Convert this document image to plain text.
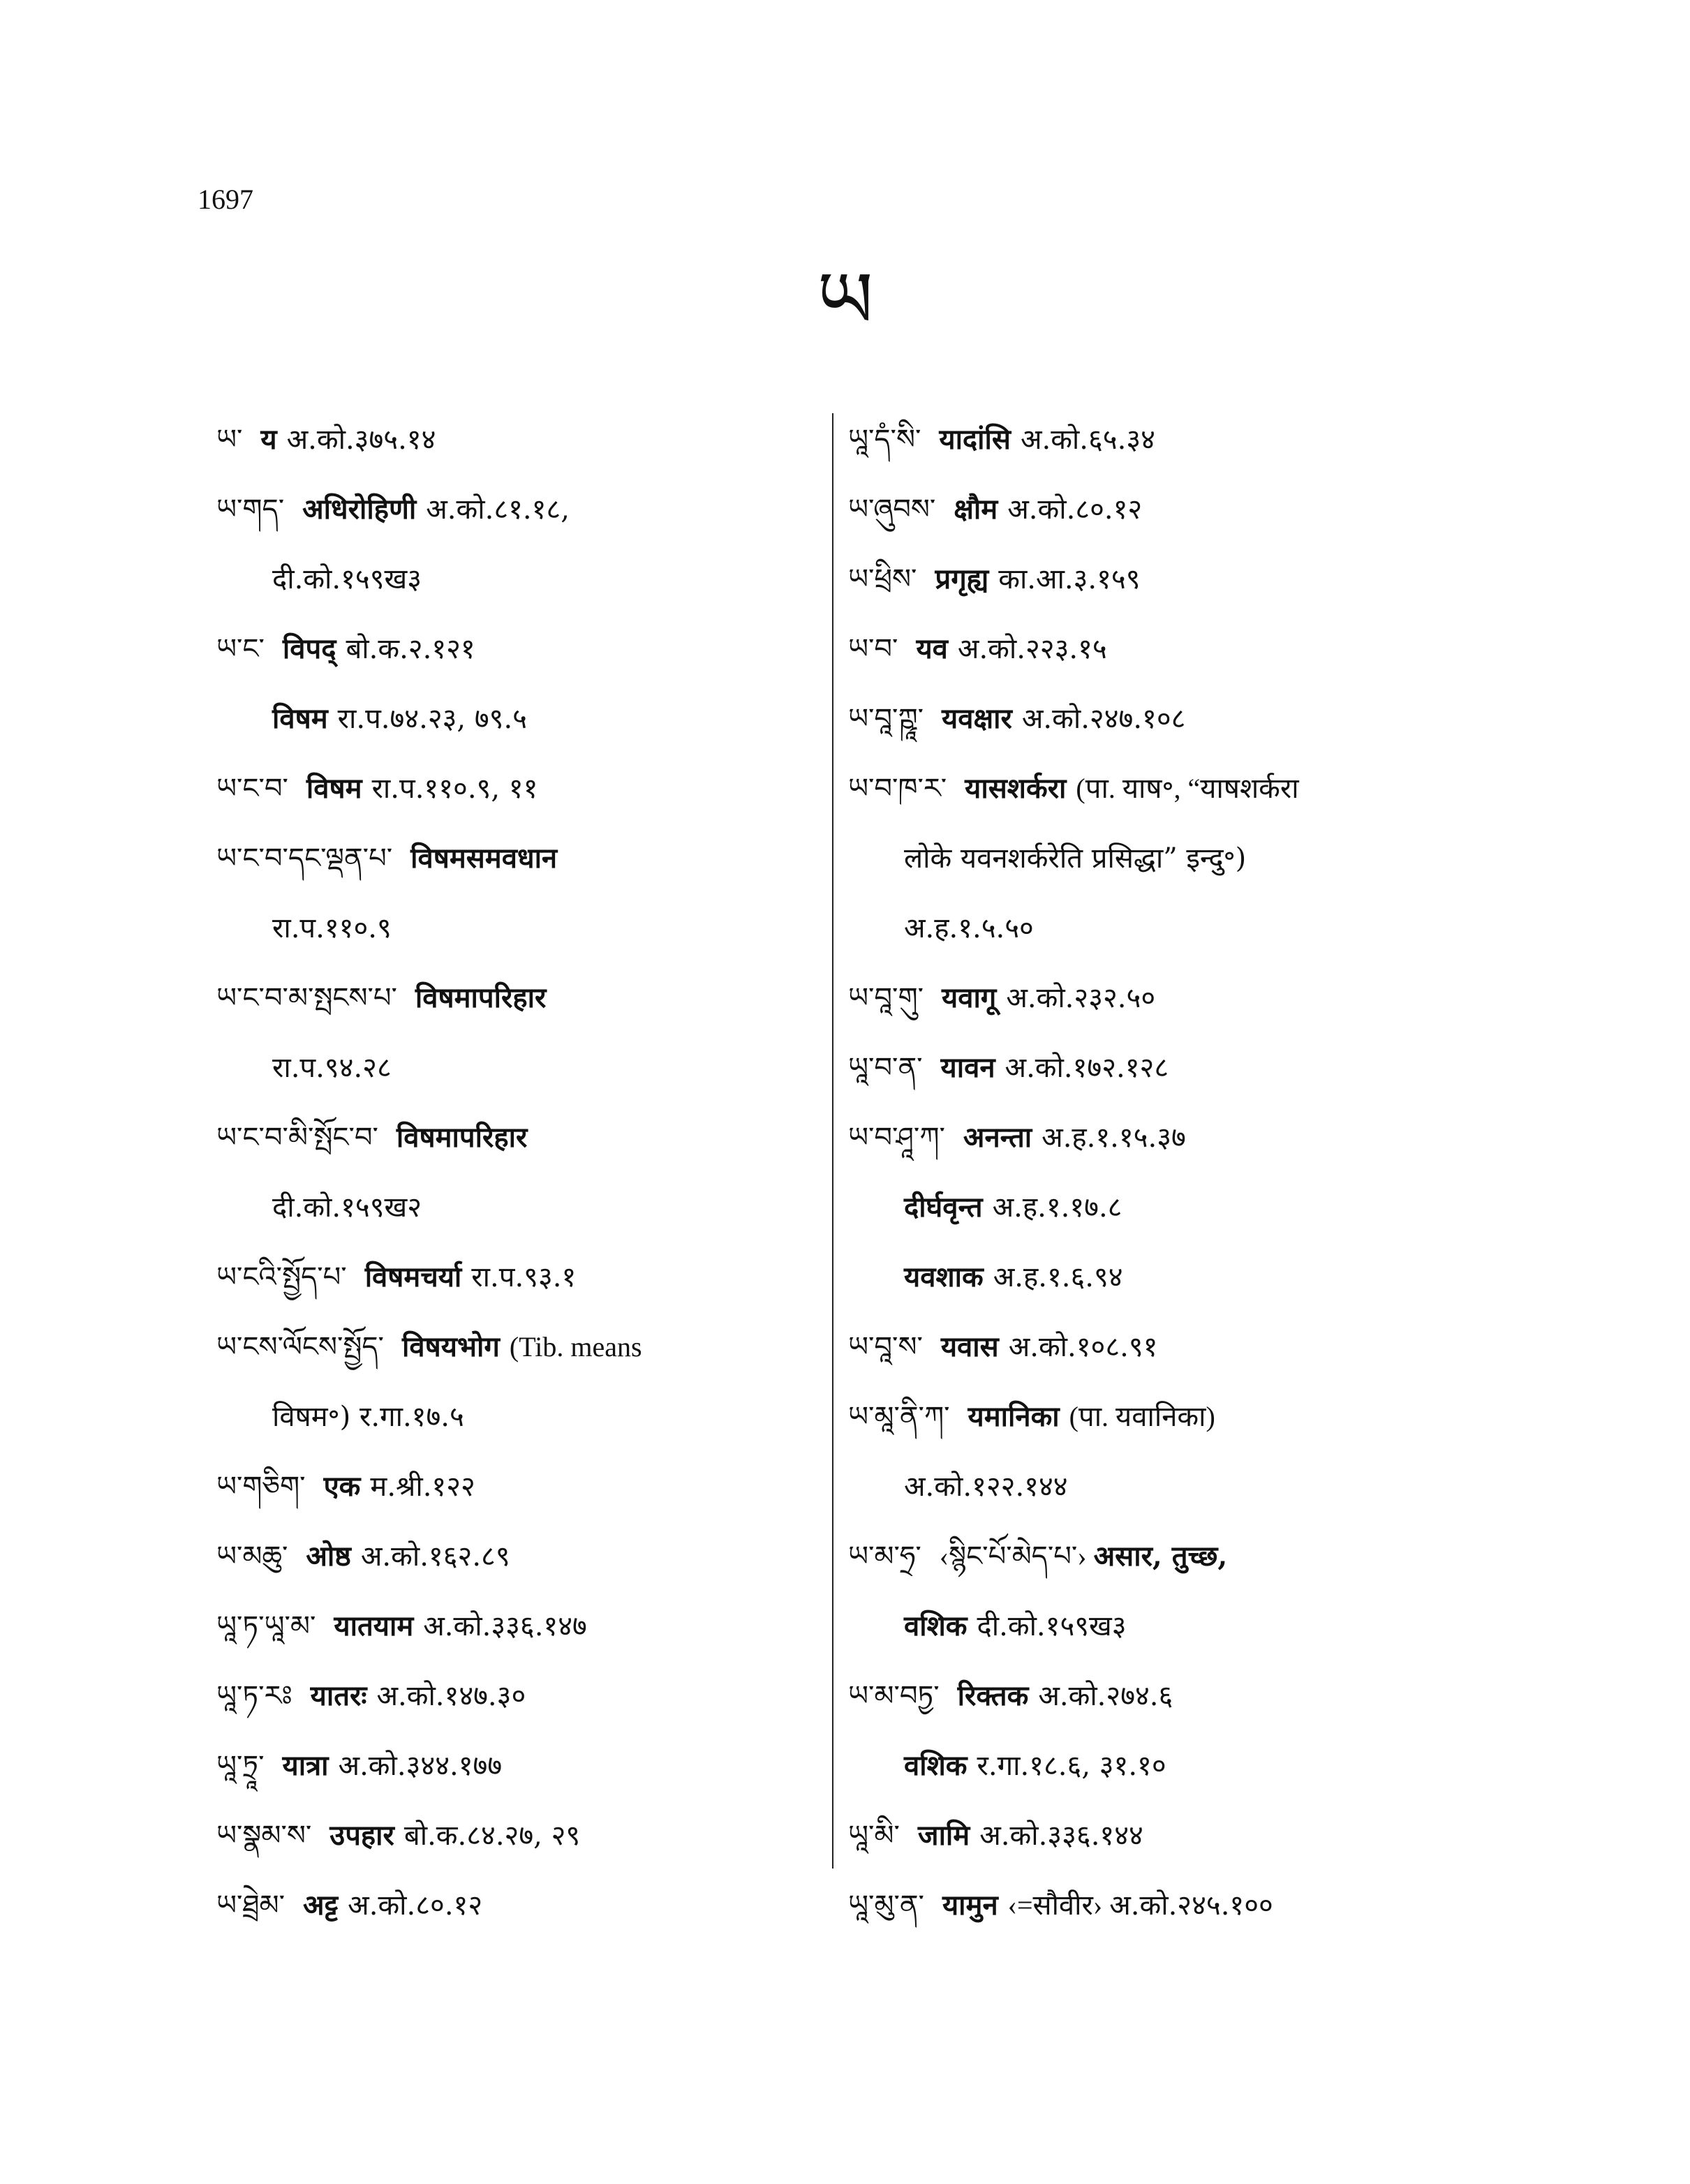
1697
ཡ
ཡ་ य अ.को.३७५.१४
ཡ་གད་ अधिरोहिणी अ.को.८१.१८,
दी.को.१५९ख३
ཡ་ང་ विपद् बो.क.२.१२१
विषम रा.प.७४.२३, ७९.५
ཡ་ང་བ་ विषम रा.प.११०.९, ११
ཡ་ང་བ་དང་ལྡན་པ་ विषमसमवधान
रा.प.११०.९
ཡ་ང་བ་མ་སྤངས་པ་ विषमापरिहार
रा.प.९४.२८
ཡ་ང་བ་མི་སྤོང་བ་ विषमापरिहार
दी.को.१५९ख२
ཡ་ངའི་སྤྱོད་པ་ विषमचर्या रा.प.९३.१
ཡ་ངས་ལོངས་སྤྱོད་ विषयभोग (Tib. means
विषम॰) र.गा.१७.५
ཡ་གཅིག་ एक म.श्री.१२२
ཡ་མཆུ་ ओष्ठ अ.को.१६२.८९
ཡཱ་ཏ་ཡཱ་མ་ यातयाम अ.को.३३६.१४७
ཡཱ་ཏ་རཿ यातरः अ.को.१४७.३०
ཡཱ་ཏྲཱ་ यात्रा अ.को.३४४.१७७
ཡ་སྣམ་ས་ उपहार बो.क.८४.२७, २९
ཡ་ཐྲེམ་ अट्ट अ.को.८०.१२
ཡཱ་དཾ་སི་ यादांसि अ.को.६५.३४
ཡ་ཞུབས་ क्षौम अ.को.८०.१२
ཡ་ཕྲིས་ प्रगृह्य का.आ.३.१५९
ཡ་བ་ यव अ.को.२२३.१५
ཡ་བཱ་ཀྵཱ་ यवक्षार अ.को.२४७.१०८
ཡ་བ་ཁ་ར་ यासशर्करा (पा. याष॰, “याषशर्करा
लोके यवनशर्करेति प्रसिद्धा” इन्दु॰)
अ.ह.१.५.५०
ཡ་བཱ་གུ་ यवागू अ.को.२३२.५०
ཡཱ་བ་ན་ यावन अ.को.१७२.१२८
ཡ་བ་ཤཱ་ཀ་ अनन्ता अ.ह.१.१५.३७
दीर्घवृन्त अ.ह.१.१७.८
यवशाक अ.ह.१.६.९४
ཡ་བཱ་ས་ यवास अ.को.१०८.९१
ཡ་མཱ་ནི་ཀ་ यमानिका (पा. यवानिका)
अ.को.१२२.१४४
ཡ་མ་ཧྲ་ ‹སྙིང་པོ་མེད་པ་› असार, तुच्छ,
वशिक दी.को.१५९ख३
ཡ་མ་བཏྱ་ रिक्तक अ.को.२७४.६
वशिक र.गा.१८.६, ३१.१०
ཡཱ་མི་ जामि अ.को.३३६.१४४
ཡཱ་མུ་ན་ यामुन ‹=सौवीर› अ.को.२४५.१००
